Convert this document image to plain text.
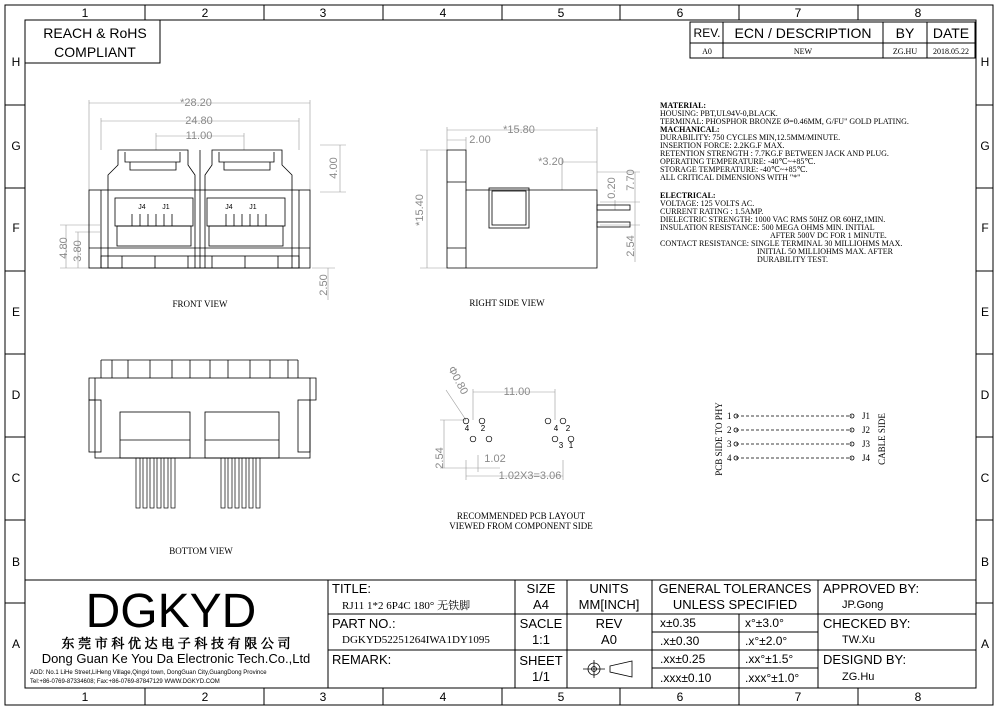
1	2	3	4	5	6	7	8
1	2	3	4	5	6	7	8
H
G
F
E
D
C
B
A
H
G
F
E
D
C
B
A
REACH & RoHS
COMPLIANT
REV. ECN / DESCRIPTION BY DATE
A0	NEW	ZG.HU 2018.05.22
*28.20
24.80
11.00
4.00
4.80 3.80
2.50
J4 J1	J4 J1
FRONT VIEW
*15.80
2.00
*3.20
*15.40
0.20 7.70
2.54
RIGHT SIDE VIEW
BOTTOM VIEW
Φ0.80	11.00
2.54	1.02
1.02X3=3.06
4 2	4 2
3 1
RECOMMENDED PCB LAYOUT
VIEWED FROM COMPONENT SIDE
MATERIAL:
HOUSING: PBT,UL94V-0,BLACK.
TERMINAL: PHOSPHOR BRONZE Ø=0.46MM, G/FU" GOLD PLATING.
MACHANICAL:
DURABILITY: 750 CYCLES MIN,12.5MM/MINUTE.
INSERTION FORCE: 2.2KG.F MAX.
RETENTION STRENGTH : 7.7KG.F BETWEEN JACK AND PLUG.
OPERATING TEMPERATURE: -40℃~+85℃.
STORAGE TEMPERATURE: -40℃~+85℃.
ALL CRITICAL DIMENSIONS WITH "*"
ELECTRICAL:
VOLTAGE: 125 VOLTS AC.
CURRENT RATING : 1.5AMP.
DIELECTRIC STRENGTH: 1000 VAC RMS 50HZ OR 60HZ,1MIN.
INSULATION RESISTANCE: 500 MEGA OHMS MIN. INITIAL
AFTER 500V DC FOR 1 MINUTE.
CONTACT RESISTANCE: SINGLE TERMINAL 30 MILLIOHMS MAX.
INITIAL 50 MILLIOHMS MAX. AFTER
DURABILITY TEST.
PCB SIDE TO PHY	CABLE SIDE
1
2
3
4
J1
J2
J3
J4
DGKYD
东 莞 市 科 优 达 电 子 科 技 有 限 公 司
Dong Guan Ke You Da Electronic Tech.Co.,Ltd
ADD: No.1 LiHe Street,LiHeng Village,Qingxi town, DongGuan City,GuangDong Province
Tel:+86-0769-87334608; Fax:+86-0769-87847129 WWW.DGKYD.COM
TITLE:
RJ11 1*2 6P4C 180° 无铁脚
PART NO.:
DGKYD52251264IWA1DY1095
REMARK:
SIZE
A4
UNITS
MM[INCH]
SACLE
1:1
REV
A0
SHEET
1/1
GENERAL TOLERANCES
UNLESS SPECIFIED
x±0.35	x°±3.0°
.x±0.30	.x°±2.0°
.xx±0.25	.xx°±1.5°
.xxx±0.10	.xxx°±1.0°
APPROVED BY:
JP.Gong
CHECKED BY:
TW.Xu
DESIGND BY:
ZG.Hu
